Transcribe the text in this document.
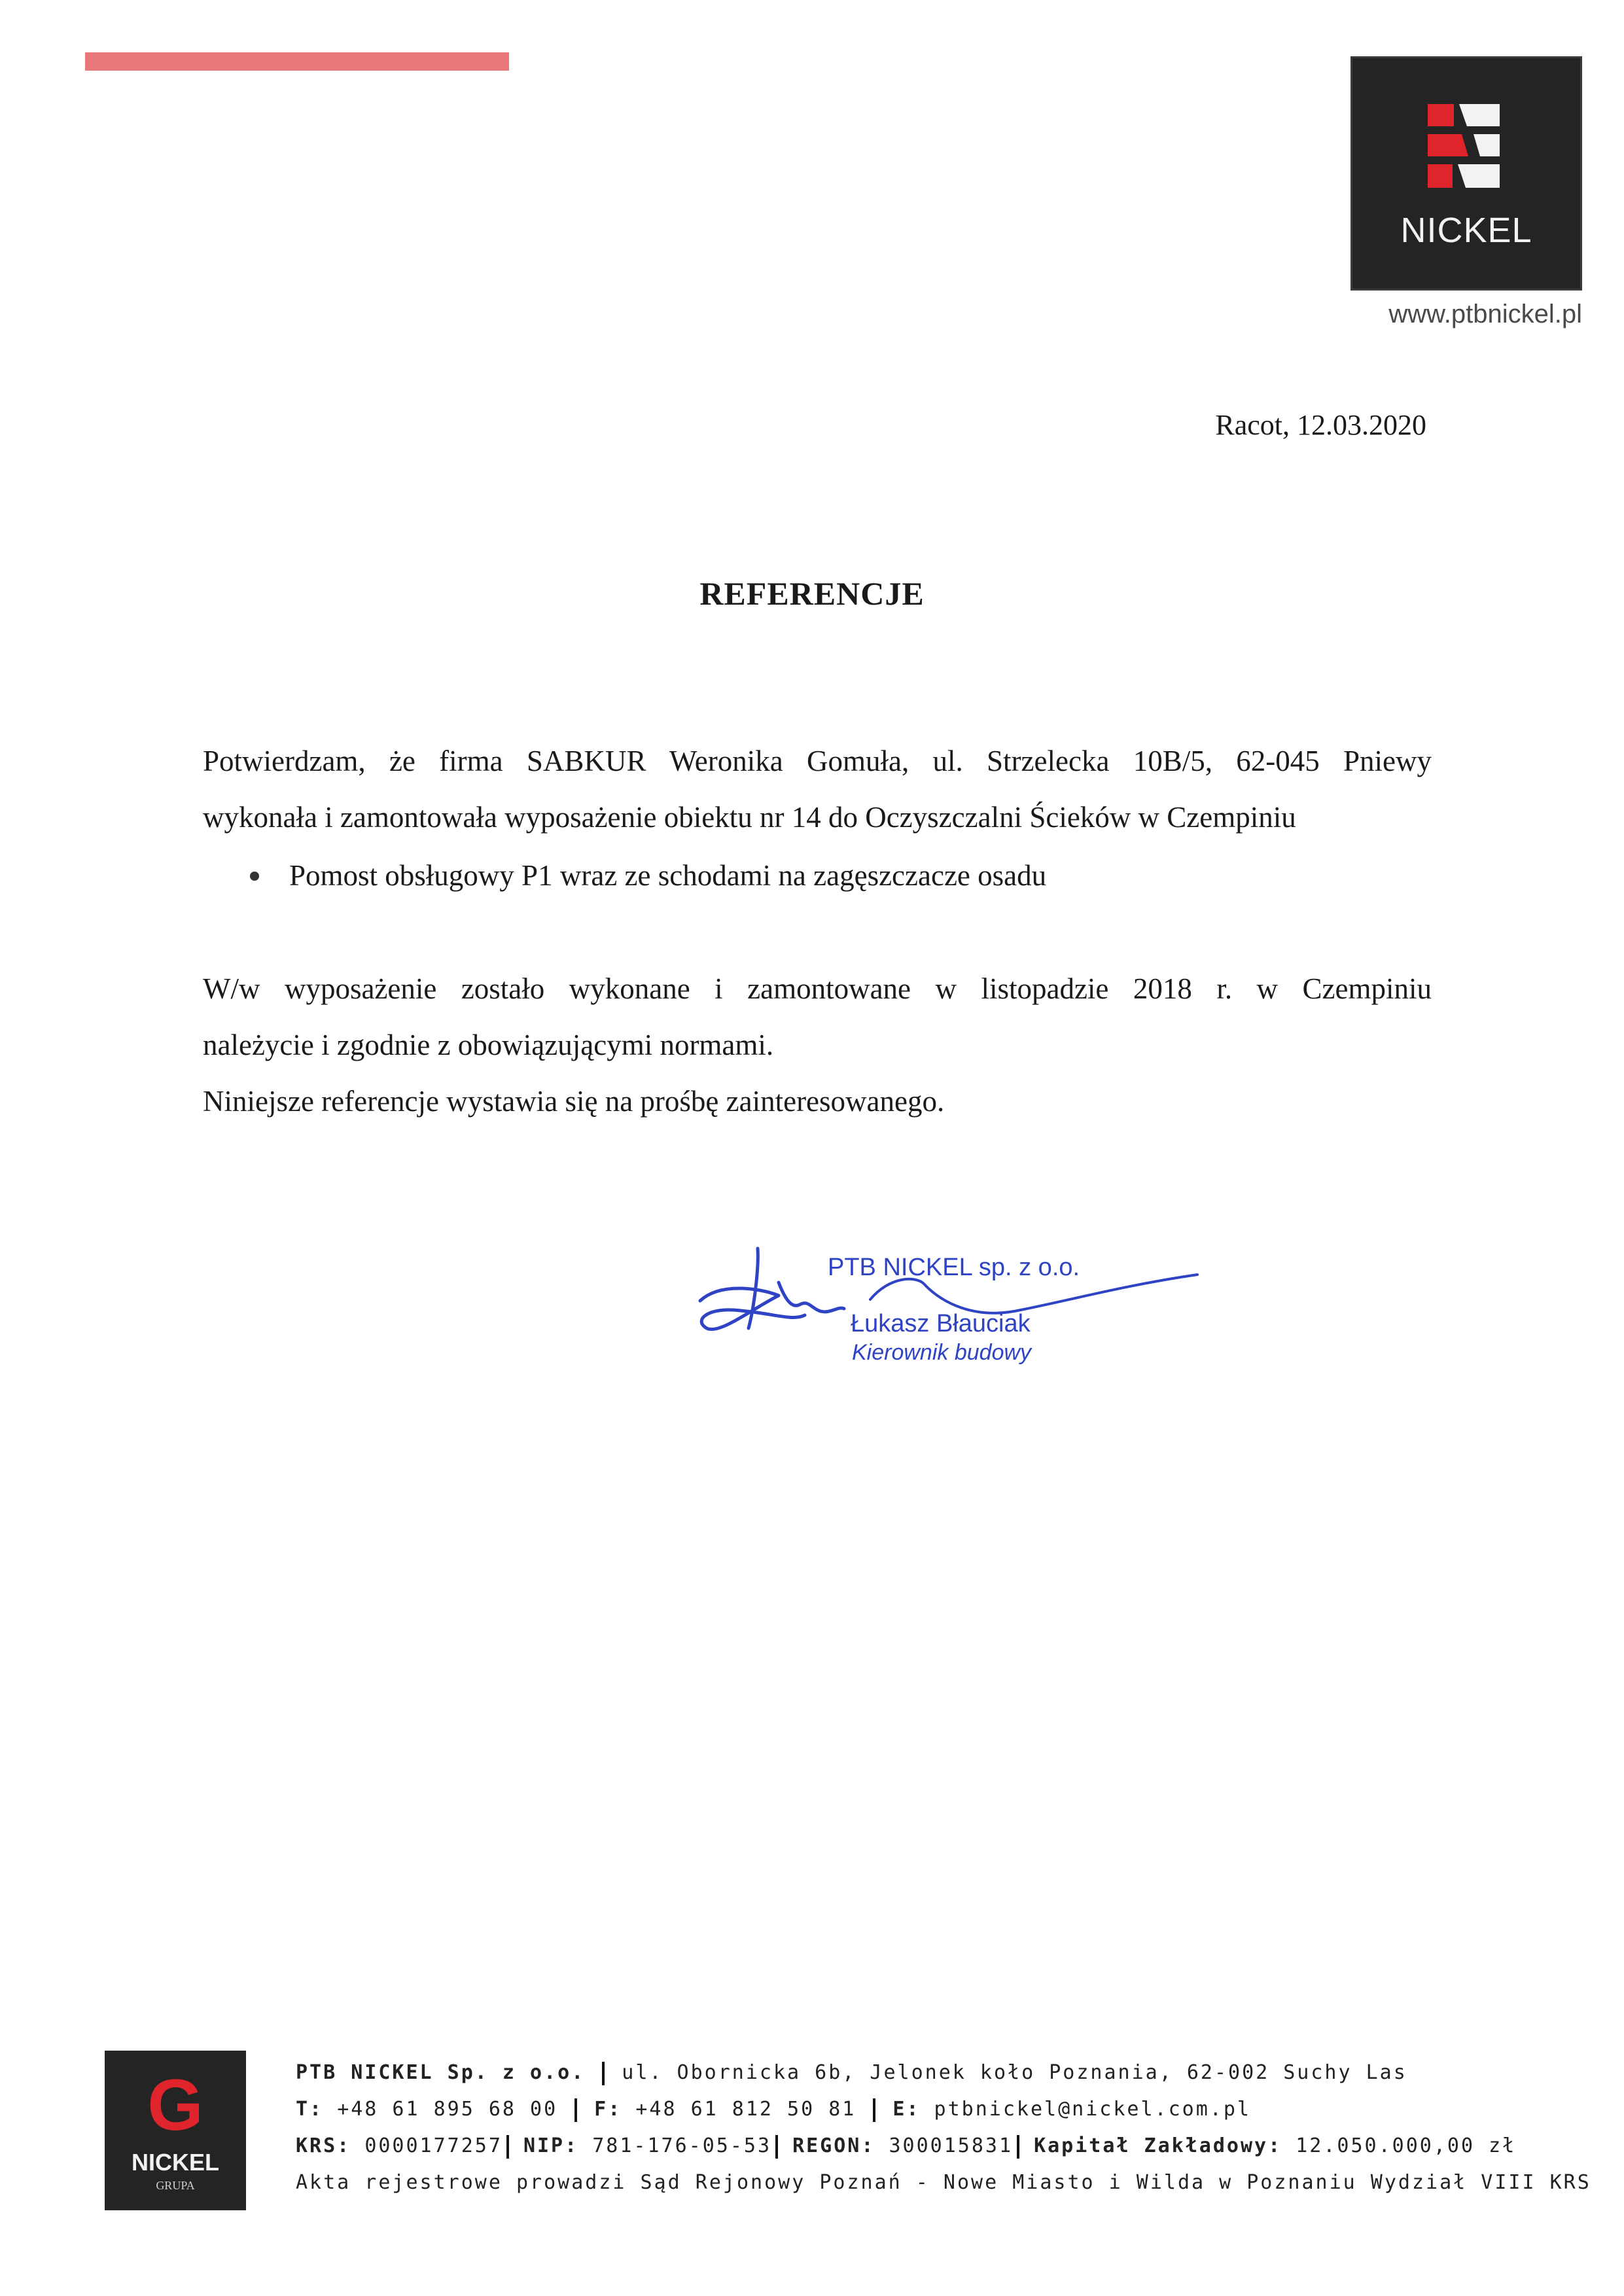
NICKEL
www.ptbnickel.pl
Racot, 12.03.2020
REFERENCJE
Potwierdzam, że firma SABKUR Weronika Gomuła, ul. Strzelecka 10B/5, 62-045 Pniewy
wykonała i zamontowała wyposażenie obiektu nr 14 do Oczyszczalni Ścieków w Czempiniu
Pomost obsługowy P1 wraz ze schodami na zagęszczacze osadu
W/w wyposażenie zostało wykonane i zamontowane w listopadzie 2018 r. w Czempiniu
należycie i zgodnie z obowiązującymi normami.
Niniejsze referencje wystawia się na prośbę zainteresowanego.
PTB NICKEL sp. z o.o.
Łukasz Błauciak
Kierownik budowy
G
NICKEL
GRUPA
PTB NICKEL Sp. z o.o. ul. Obornicka 6b, Jelonek koło Poznania, 62-002 Suchy Las
T: +48 61 895 68 00 F: +48 61 812 50 81 E: ptbnickel@nickel.com.pl
KRS: 0000177257 NIP: 781-176-05-53 REGON: 300015831 Kapitał Zakładowy: 12.050.000,00 zł
Akta rejestrowe prowadzi Sąd Rejonowy Poznań - Nowe Miasto i Wilda w Poznaniu Wydział VIII KRS
